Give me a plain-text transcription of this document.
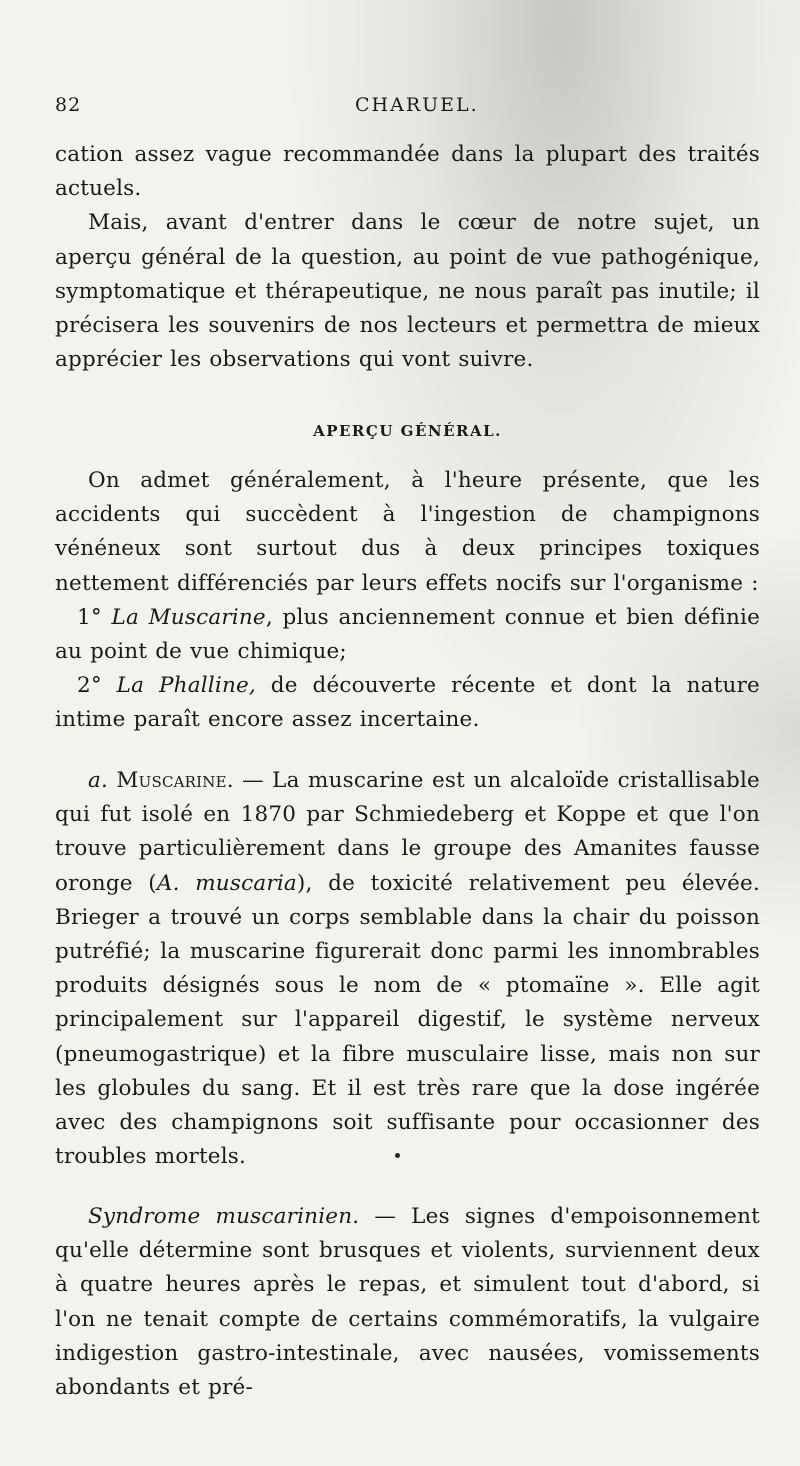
82	CHARUEL.

cation assez vague recommandée dans la plupart des traités actuels.

Mais, avant d'entrer dans le cœur de notre sujet, un aperçu général de la question, au point de vue pathogénique, symptomatique et thérapeutique, ne nous paraît pas inutile; il précisera les souvenirs de nos lecteurs et permettra de mieux apprécier les observations qui vont suivre.

APERÇU GÉNÉRAL.

On admet généralement, à l'heure présente, que les accidents qui succèdent à l'ingestion de champignons vénéneux sont surtout dus à deux principes toxiques nettement différenciés par leurs effets nocifs sur l'organisme :

1° La Muscarine, plus anciennement connue et bien définie au point de vue chimique;

2° La Phalline, de découverte récente et dont la nature intime paraît encore assez incertaine.

a. Muscarine. — La muscarine est un alcaloïde cristallisable qui fut isolé en 1870 par Schmiedeberg et Koppe et que l'on trouve particulièrement dans le groupe des Amanites fausse oronge (A. muscaria), de toxicité relativement peu élevée. Brieger a trouvé un corps semblable dans la chair du poisson putréfié; la muscarine figurerait donc parmi les innombrables produits désignés sous le nom de « ptomaïne ». Elle agit principalement sur l'appareil digestif, le système nerveux (pneumogastrique) et la fibre musculaire lisse, mais non sur les globules du sang. Et il est très rare que la dose ingérée avec des champignons soit suffisante pour occasionner des troubles mortels.

Syndrome muscarinien. — Les signes d'empoisonnement qu'elle détermine sont brusques et violents, surviennent deux à quatre heures après le repas, et simulent tout d'abord, si l'on ne tenait compte de certains commémoratifs, la vulgaire indigestion gastro-intestinale, avec nausées, vomissements abondants et pré-
